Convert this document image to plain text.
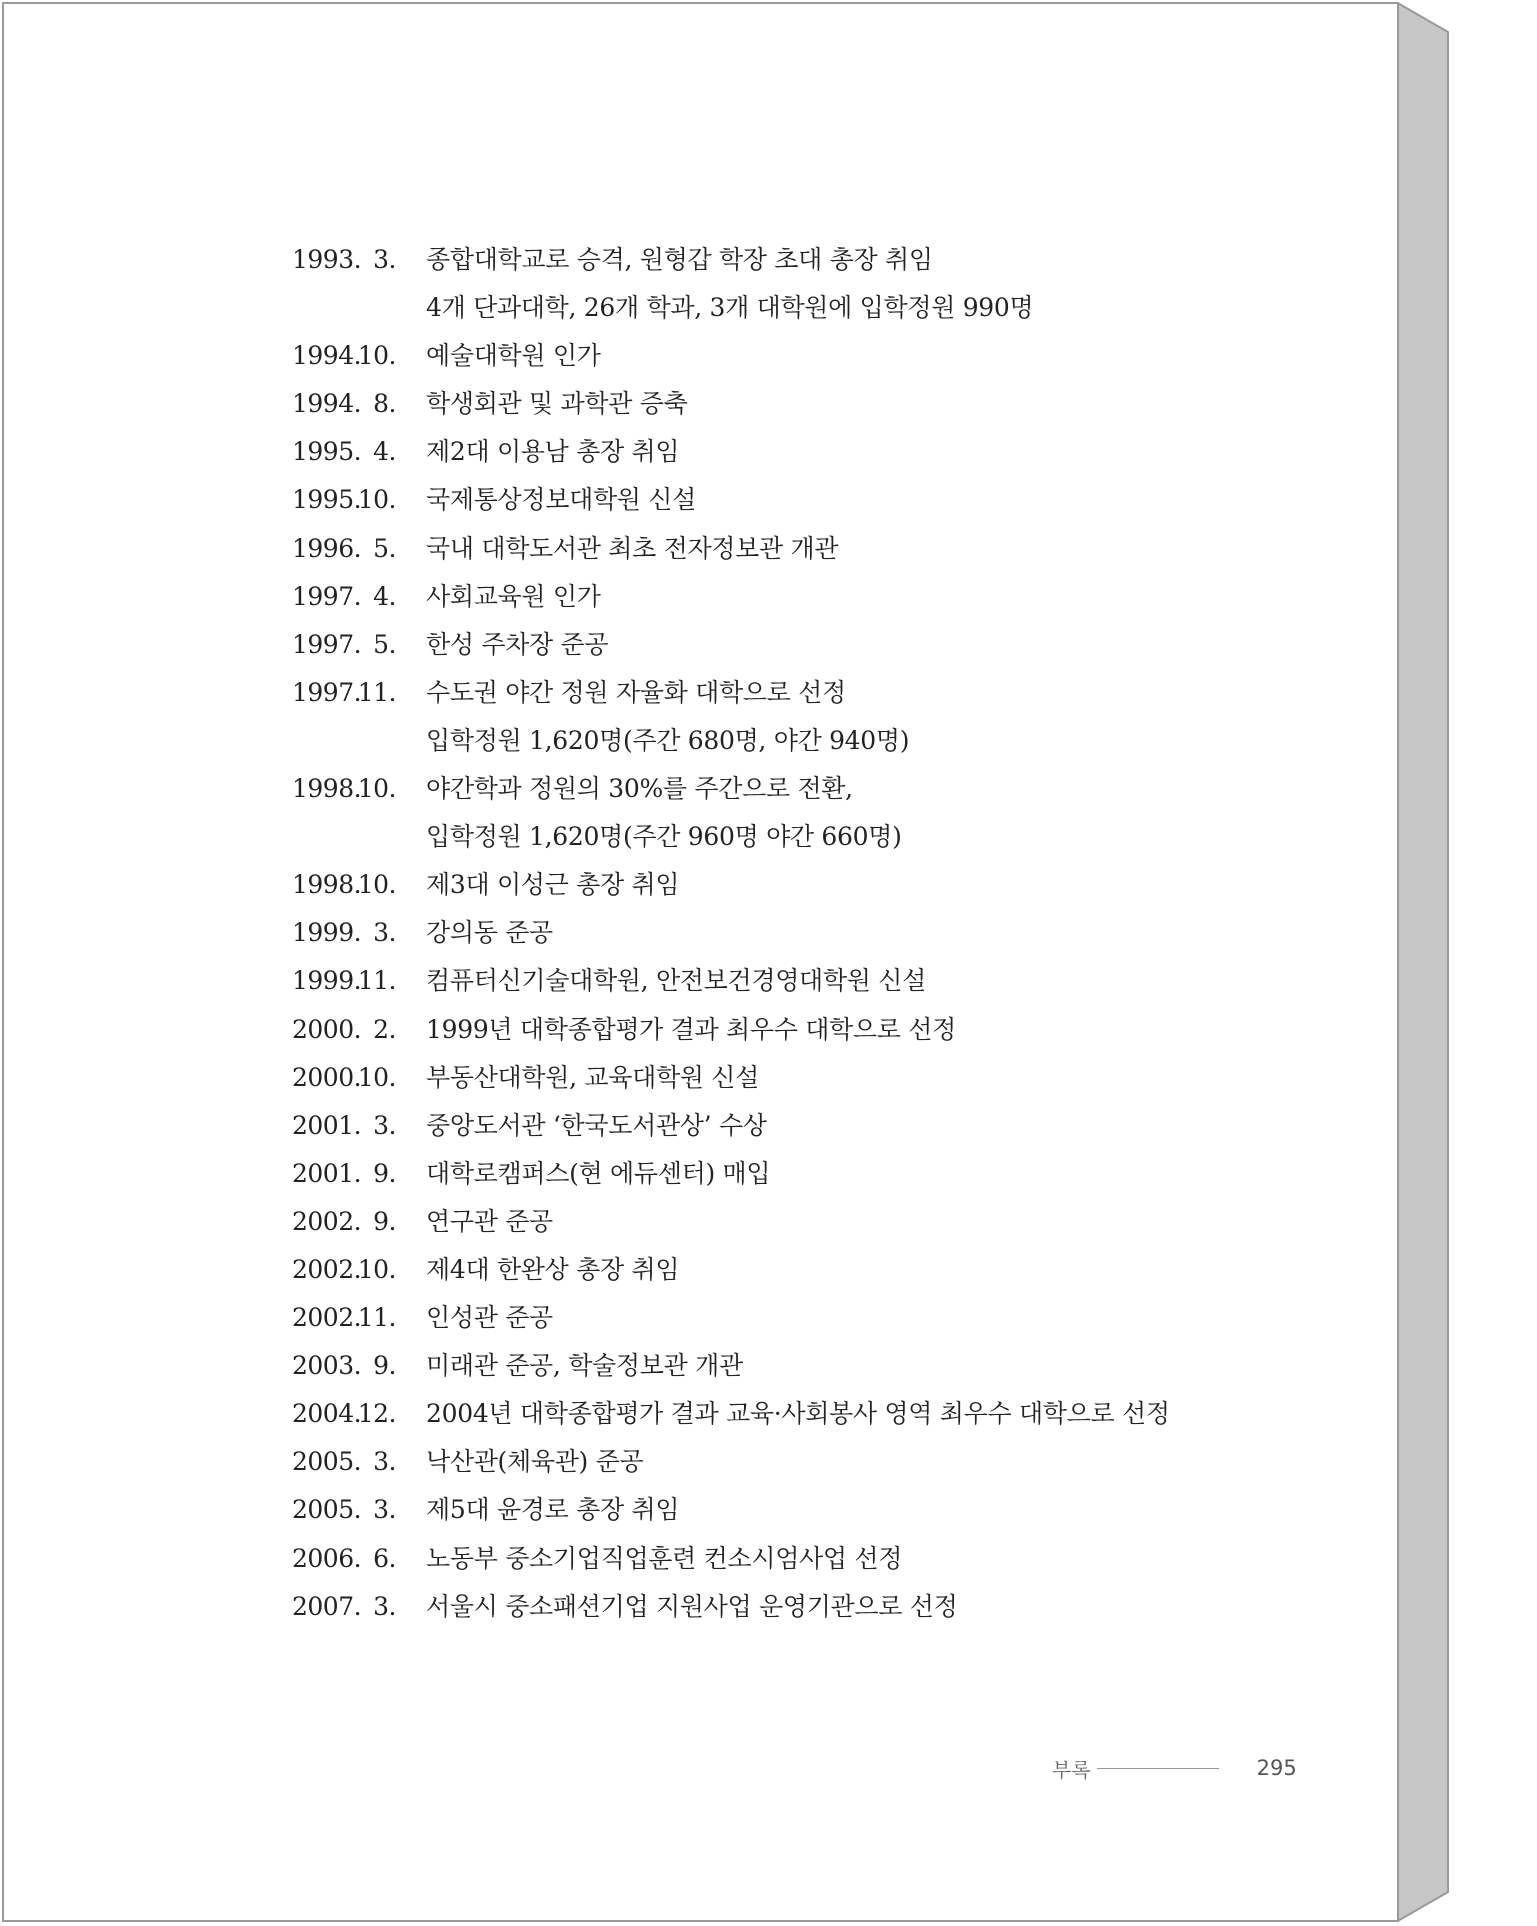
1993. 3. 종합대학교로 승격, 원형갑 학장 초대 총장 취임
4개 단과대학, 26개 학과, 3개 대학원에 입학정원 990명
1994.
10. 예술대학원 인가
1994. 8. 학생회관 및 과학관 증축
1995. 4. 제2대 이용남 총장 취임
1995.
10. 국제통상정보대학원 신설
1996. 5. 국내 대학도서관 최초 전자정보관 개관
1997. 4. 사회교육원 인가
1997. 5. 한성 주차장 준공
1997.
11. 수도권 야간 정원 자율화 대학으로 선정
입학정원 1,620명(주간 680명, 야간 940명)
1998.
10. 야간학과 정원의 30%를 주간으로 전환,
입학정원 1,620명(주간 960명 야간 660명)
1998.
10. 제3대 이성근 총장 취임
1999. 3. 강의동 준공
1999.
11. 컴퓨터신기술대학원, 안전보건경영대학원 신설
2000. 2. 1999년 대학종합평가 결과 최우수 대학으로 선정
2000.
10. 부동산대학원, 교육대학원 신설
2001. 3. 중앙도서관 ‘한국도서관상’ 수상
2001. 9. 대학로캠퍼스(현 에듀센터) 매입
2002. 9. 연구관 준공
2002.
10. 제4대 한완상 총장 취임
2002.
11. 인성관 준공
2003. 9. 미래관 준공, 학술정보관 개관
2004.
12. 2004년 대학종합평가 결과 교육·사회봉사 영역 최우수 대학으로 선정
2005. 3. 낙산관(체육관) 준공
2005. 3. 제5대 윤경로 총장 취임
2006. 6. 노동부 중소기업직업훈련 컨소시엄사업 선정
2007. 3. 서울시 중소패션기업 지원사업 운영기관으로 선정
부록	295
